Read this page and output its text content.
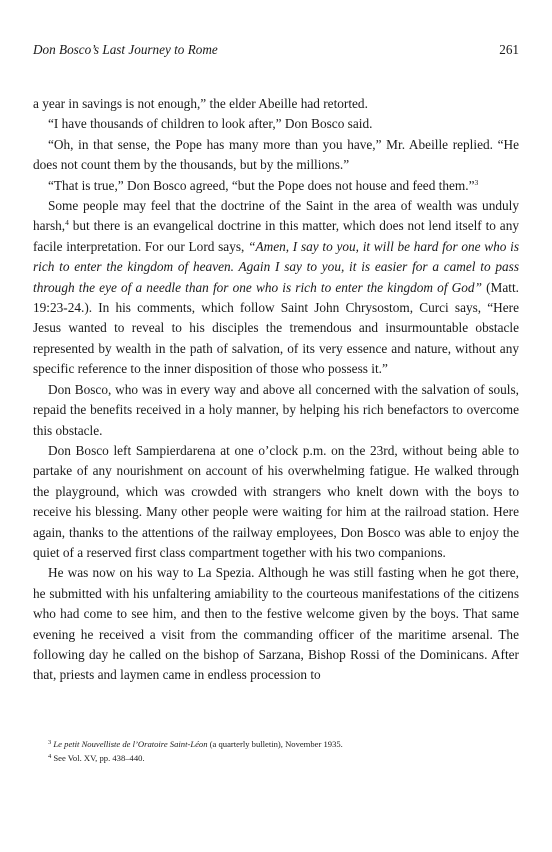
Don Bosco’s Last Journey to Rome	261

a year in savings is not enough,” the elder Abeille had retorted.

“I have thousands of children to look after,” Don Bosco said.

“Oh, in that sense, the Pope has many more than you have,” Mr. Abeille replied. “He does not count them by the thousands, but by the millions.”

“That is true,” Don Bosco agreed, “but the Pope does not house and feed them.”$^3$

Some people may feel that the doctrine of the Saint in the area of wealth was unduly harsh,$^4$ but there is an evangelical doctrine in this matter, which does not lend itself to any facile interpretation. For our Lord says, “Amen, I say to you, it will be hard for one who is rich to enter the kingdom of heaven. Again I say to you, it is easier for a camel to pass through the eye of a needle than for one who is rich to enter the kingdom of God” (Matt. 19:23-24.). In his comments, which follow Saint John Chrysostom, Curci says, “Here Jesus wanted to reveal to his disciples the tremendous and insurmountable obstacle represented by wealth in the path of salvation, of its very essence and nature, without any specific reference to the inner disposition of those who possess it.”

Don Bosco, who was in every way and above all concerned with the salvation of souls, repaid the benefits received in a holy manner, by helping his rich benefactors to overcome this obstacle.

Don Bosco left Sampierdarena at one o’clock p.m. on the 23rd, without being able to partake of any nourishment on account of his overwhelming fatigue. He walked through the playground, which was crowded with strangers who knelt down with the boys to receive his blessing. Many other people were waiting for him at the railroad station. Here again, thanks to the attentions of the railway employees, Don Bosco was able to enjoy the quiet of a reserved first class compartment together with his two companions.

He was now on his way to La Spezia. Although he was still fasting when he got there, he submitted with his unfaltering amiability to the courteous manifestations of the citizens who had come to see him, and then to the festive welcome given by the boys. That same evening he received a visit from the commanding officer of the maritime arsenal. The following day he called on the bishop of Sarzana, Bishop Rossi of the Dominicans. After that, priests and laymen came in endless procession to

$^3$ Le petit Nouvelliste de l’Oratoire Saint-Léon (a quarterly bulletin), November 1935.
$^4$ See Vol. XV, pp. 438–440.
